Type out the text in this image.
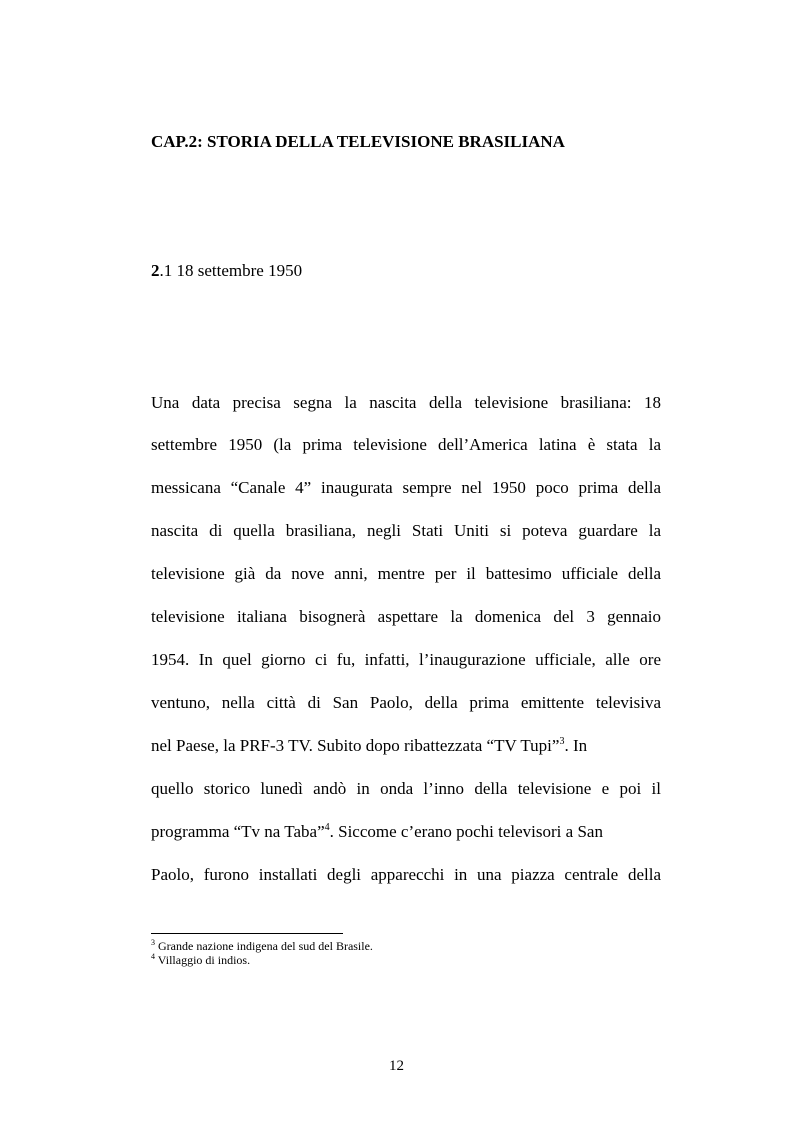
CAP.2: STORIA DELLA TELEVISIONE BRASILIANA

2.1 18 settembre 1950

Una data precisa segna la nascita della televisione brasiliana: 18
settembre 1950 (la prima televisione dell’America latina è stata la
messicana “Canale 4” inaugurata sempre nel 1950 poco prima della
nascita di quella brasiliana, negli Stati Uniti si poteva guardare la
televisione già da nove anni, mentre per il battesimo ufficiale della
televisione italiana bisognerà aspettare la domenica del 3 gennaio
1954. In quel giorno ci fu, infatti, l’inaugurazione ufficiale, alle ore
ventuno, nella città di San Paolo, della prima emittente televisiva
nel Paese, la PRF-3 TV. Subito dopo ribattezzata “TV Tupi”$^3$. In
quello storico lunedì andò in onda l’inno della televisione e poi il
programma “Tv na Taba”$^4$. Siccome c’erano pochi televisori a San
Paolo, furono installati degli apparecchi in una piazza centrale della
$^3$ Grande nazione indigena del sud del Brasile.
$^4$ Villaggio di indios.
12
